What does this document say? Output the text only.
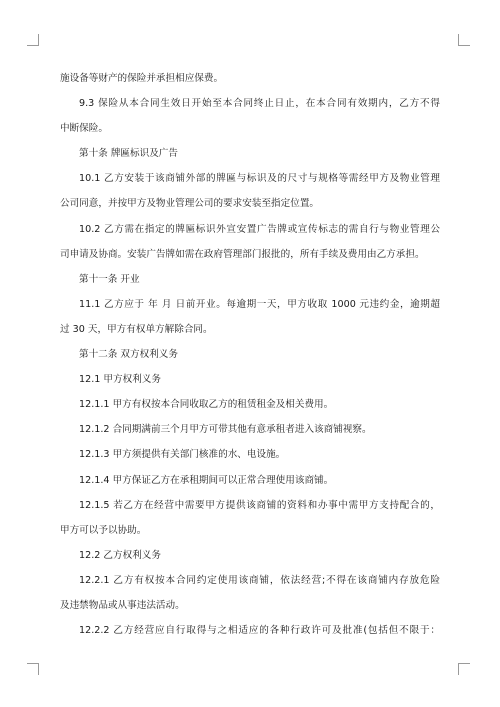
施设备等财产的保险并承担相应保费。
9.3 保险从本合同生效日开始至本合同终止日止，在本合同有效期内，乙方不得
中断保险。
第十条 牌匾标识及广告
10.1 乙方安装于该商铺外部的牌匾与标识及的尺寸与规格等需经甲方及物业管理
公司同意，并按甲方及物业管理公司的要求安装至指定位置。
10.2 乙方需在指定的牌匾标识外宣安置广告牌或宣传标志的需自行与物业管理公
司申请及协商。安装广告牌如需在政府管理部门报批的，所有手续及费用由乙方承担。
第十一条 开业
11.1 乙方应于 年 月 日前开业。每逾期一天，甲方收取 1000 元违约金，逾期超
过 30 天，甲方有权单方解除合同。
第十二条 双方权利义务
12.1 甲方权利义务
12.1.1 甲方有权按本合同收取乙方的租赁租金及相关费用。
12.1.2 合同期满前三个月甲方可带其他有意承租者进入该商铺视察。
12.1.3 甲方须提供有关部门核准的水、电设施。
12.1.4 甲方保证乙方在承租期间可以正常合理使用该商铺。
12.1.5 若乙方在经营中需要甲方提供该商铺的资料和办事中需甲方支持配合的，
甲方可以予以协助。
12.2 乙方权利义务
12.2.1 乙方有权按本合同约定使用该商铺，依法经营;不得在该商铺内存放危险
及违禁物品或从事违法活动。
12.2.2 乙方经营应自行取得与之相适应的各种行政许可及批准(包括但不限于：
